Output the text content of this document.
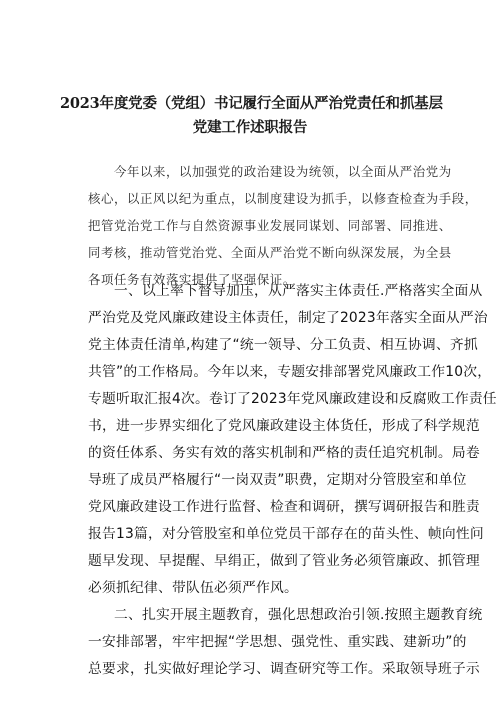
2023年度党委（党组）书记履行全面从严治党责任和抓基层
党建工作述职报告
今年以来，以加强党的政治建设为统领，以全面从严治党为
核心，以正风以纪为重点，以制度建设为抓手，以修查检查为手段，
把管党治党工作与自然资源事业发展同谋划、同部署、同推进、
同考核，推动管党治党、全面从严治党不断向纵深发展，为全县
各项任务有效落实提供了坚强保证。
一、以上率下督导加压，从严落实主体责任.严格落实全面从
严治党及党风廉政建设主体责任，制定了2023年落实全面从严治
党主体责任清单,构建了“统一领导、分工负责、相互协调、齐抓
共管”的工作格局。今年以来，专题安排部署党风廉政工作10次，
专题听取汇报4次。卷订了2023年党风廉政建设和反腐败工作责任
书，进一步界实细化了党风廉政建设主体货任，形成了科学规范
的资任体系、务实有效的落实机制和严格的责任追究机制。局卷
导班了成员严格履行“一岗双责”职费，定期对分管股室和单位
党风廉政建设工作进行监督、检查和调研，撰写调研报告和胜责
报告13篇，对分管股室和单位党员干部存在的苗头性、帧向性问
题早发现、早提醒、早绢正，做到了管业务必须管廉政、抓管理
必须抓纪律、带队伍必须严作风。
二、扎实开展主题教育，强化思想政治引领.按照主题教育统
一安排部署，牢牢把握“学思想、强党性、重实践、建新功”的
总要求，扎实做好理论学习、调查研究等工作。采取领导班子示
